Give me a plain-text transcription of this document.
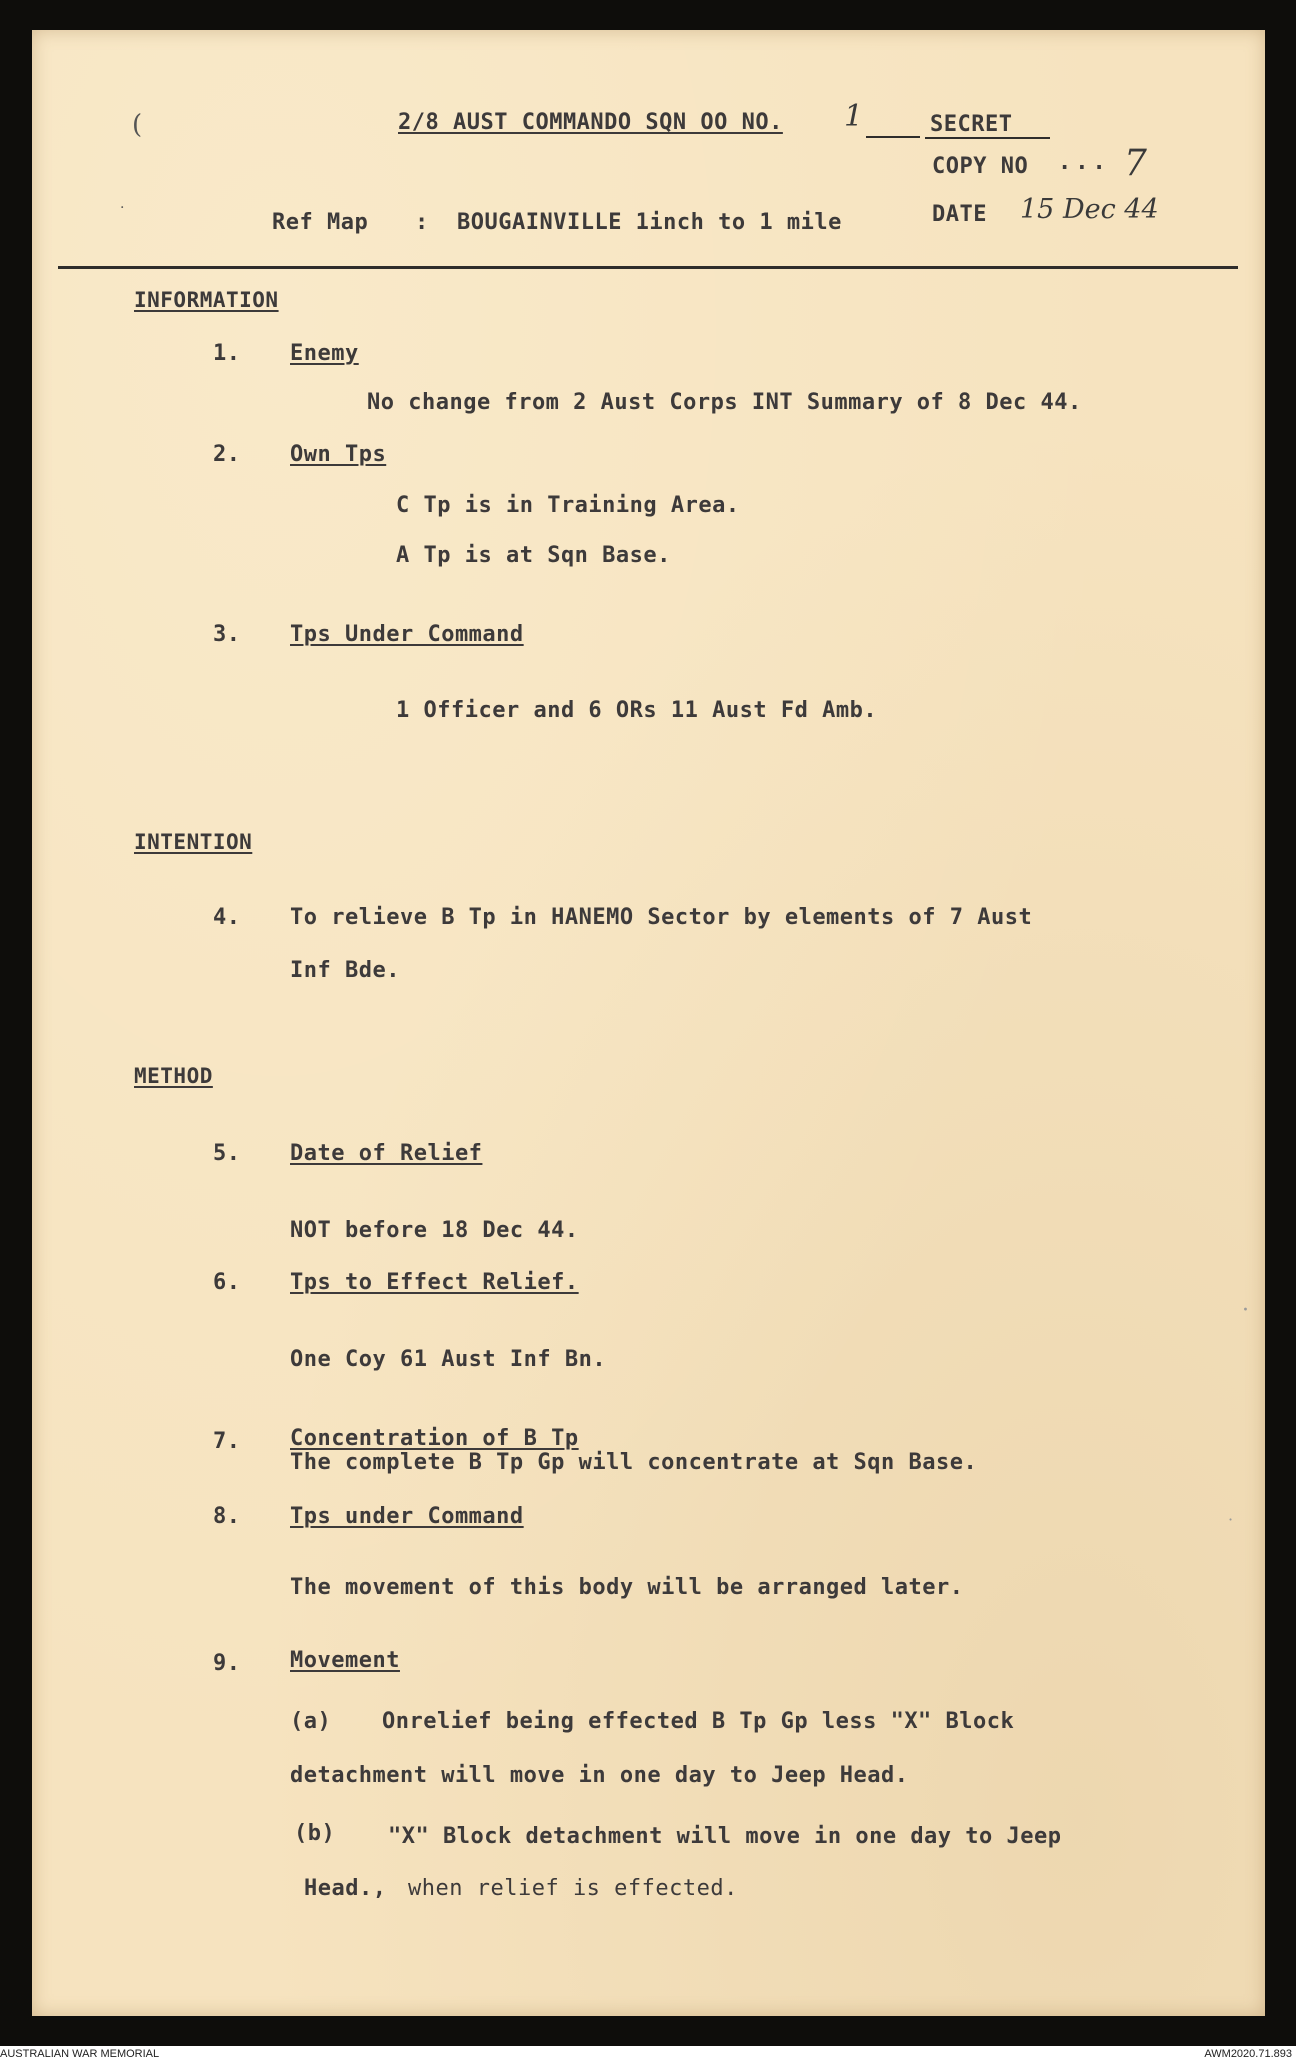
(
·
2/8 AUST COMMANDO SQN OO NO. 1	SECRET
COPY NO ... 7
Ref Map : BOUGAINVILLE 1inch to 1 mile	DATE 15 Dec 44
INFORMATION
1. Enemy
No change from 2 Aust Corps INT Summary of 8 Dec 44.
2. Own Tps
C Tp is in Training Area.
A Tp is at Sqn Base.
3. Tps Under Command
1 Officer and 6 ORs 11 Aust Fd Amb.
INTENTION
4. To relieve B Tp in HANEMO Sector by elements of 7 Aust
Inf Bde.
METHOD
5. Date of Relief
NOT before 18 Dec 44.
6. Tps to Effect Relief.
One Coy 61 Aust Inf Bn.
7. Concentration of B Tp
The complete B Tp Gp will concentrate at Sqn Base.
8. Tps under Command
The movement of this body will be arranged later.
9. Movement
(a) Onrelief being effected B Tp Gp less "X" Block
detachment will move in one day to Jeep Head.
(b) "X" Block detachment will move in one day to Jeep
Head., when relief is effected.
·
·
AUSTRALIAN WAR MEMORIAL	AWM2020.71.893
